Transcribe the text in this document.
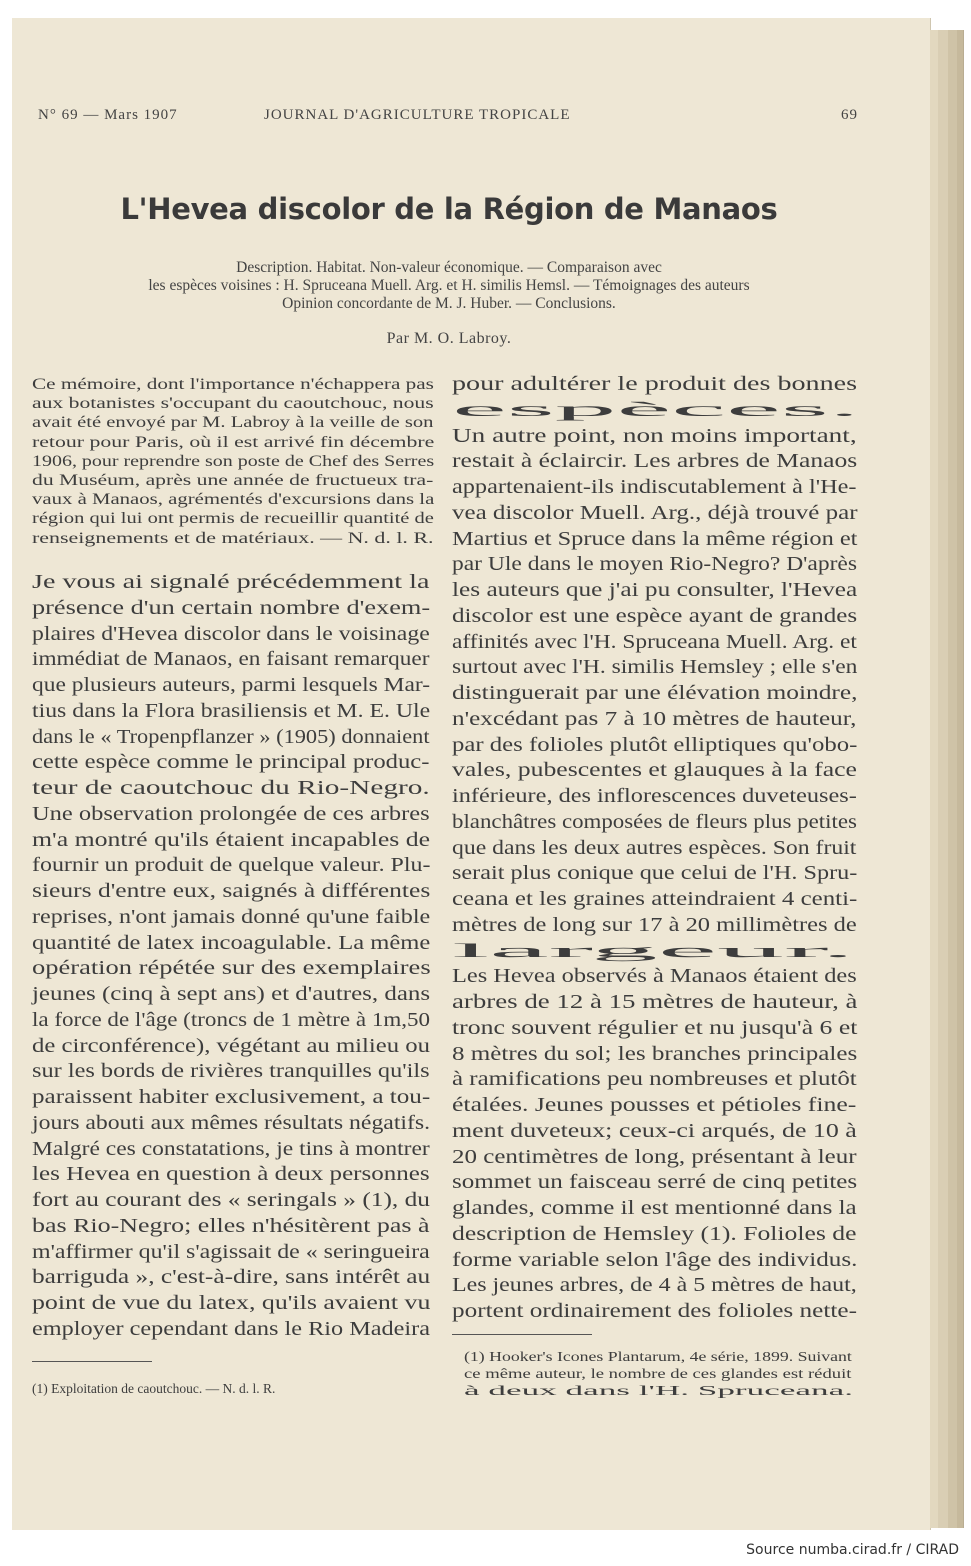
N° 69 — Mars 1907	JOURNAL D'AGRICULTURE TROPICALE	69
L'Hevea discolor de la Région de Manaos
Description. Habitat. Non-valeur économique. — Comparaison avec
les espèces voisines : H. Spruceana Muell. Arg. et H. similis Hemsl. — Témoignages des auteurs
Opinion concordante de M. J. Huber. — Conclusions.
Par M. O. Labroy.
Ce mémoire, dont l'importance n'échappera pas
aux botanistes s'occupant du caoutchouc, nous
avait été envoyé par M. Labroy à la veille de son
retour pour Paris, où il est arrivé fin décembre
1906, pour reprendre son poste de Chef des Serres
du Muséum, après une année de fructueux tra-
vaux à Manaos, agrémentés d'excursions dans la
région qui lui ont permis de recueillir quantité de
renseignements et de matériaux. — N. d. l. R.
Je vous ai signalé précédemment la
présence d'un certain nombre d'exem-
plaires d'Hevea discolor dans le voisinage
immédiat de Manaos, en faisant remarquer
que plusieurs auteurs, parmi lesquels Mar-
tius dans la Flora brasiliensis et M. E. Ule
dans le « Tropenpflanzer » (1905) donnaient
cette espèce comme le principal produc-
teur de caoutchouc du Rio-Negro.
Une observation prolongée de ces arbres
m'a montré qu'ils étaient incapables de
fournir un produit de quelque valeur. Plu-
sieurs d'entre eux, saignés à différentes
reprises, n'ont jamais donné qu'une faible
quantité de latex incoagulable. La même
opération répétée sur des exemplaires
jeunes (cinq à sept ans) et d'autres, dans
la force de l'âge (troncs de 1 mètre à 1m,50
de circonférence), végétant au milieu ou
sur les bords de rivières tranquilles qu'ils
paraissent habiter exclusivement, a tou-
jours abouti aux mêmes résultats négatifs.
Malgré ces constatations, je tins à montrer
les Hevea en question à deux personnes
fort au courant des « seringals » (1), du
bas Rio-Negro; elles n'hésitèrent pas à
m'affirmer qu'il s'agissait de « seringueira
barriguda », c'est-à-dire, sans intérêt au
point de vue du latex, qu'ils avaient vu
employer cependant dans le Rio Madeira
pour adultérer le produit des bonnes
espèces.
Un autre point, non moins important,
restait à éclaircir. Les arbres de Manaos
appartenaient-ils indiscutablement à l'He-
vea discolor Muell. Arg., déjà trouvé par
Martius et Spruce dans la même région et
par Ule dans le moyen Rio-Negro? D'après
les auteurs que j'ai pu consulter, l'Hevea
discolor est une espèce ayant de grandes
affinités avec l'H. Spruceana Muell. Arg. et
surtout avec l'H. similis Hemsley ; elle s'en
distinguerait par une élévation moindre,
n'excédant pas 7 à 10 mètres de hauteur,
par des folioles plutôt elliptiques qu'obo-
vales, pubescentes et glauques à la face
inférieure, des inflorescences duveteuses-
blanchâtres composées de fleurs plus petites
que dans les deux autres espèces. Son fruit
serait plus conique que celui de l'H. Spru-
ceana et les graines atteindraient 4 centi-
mètres de long sur 17 à 20 millimètres de
largeur.
Les Hevea observés à Manaos étaient des
arbres de 12 à 15 mètres de hauteur, à
tronc souvent régulier et nu jusqu'à 6 et
8 mètres du sol; les branches principales
à ramifications peu nombreuses et plutôt
étalées. Jeunes pousses et pétioles fine-
ment duveteux; ceux-ci arqués, de 10 à
20 centimètres de long, présentant à leur
sommet un faisceau serré de cinq petites
glandes, comme il est mentionné dans la
description de Hemsley (1). Folioles de
forme variable selon l'âge des individus.
Les jeunes arbres, de 4 à 5 mètres de haut,
portent ordinairement des folioles nette-
(1) Exploitation de caoutchouc. — N. d. l. R.
(1) Hooker's Icones Plantarum, 4e série, 1899. Suivant
ce même auteur, le nombre de ces glandes est réduit
à deux dans l'H. Spruceana.
Source numba.cirad.fr / CIRAD
